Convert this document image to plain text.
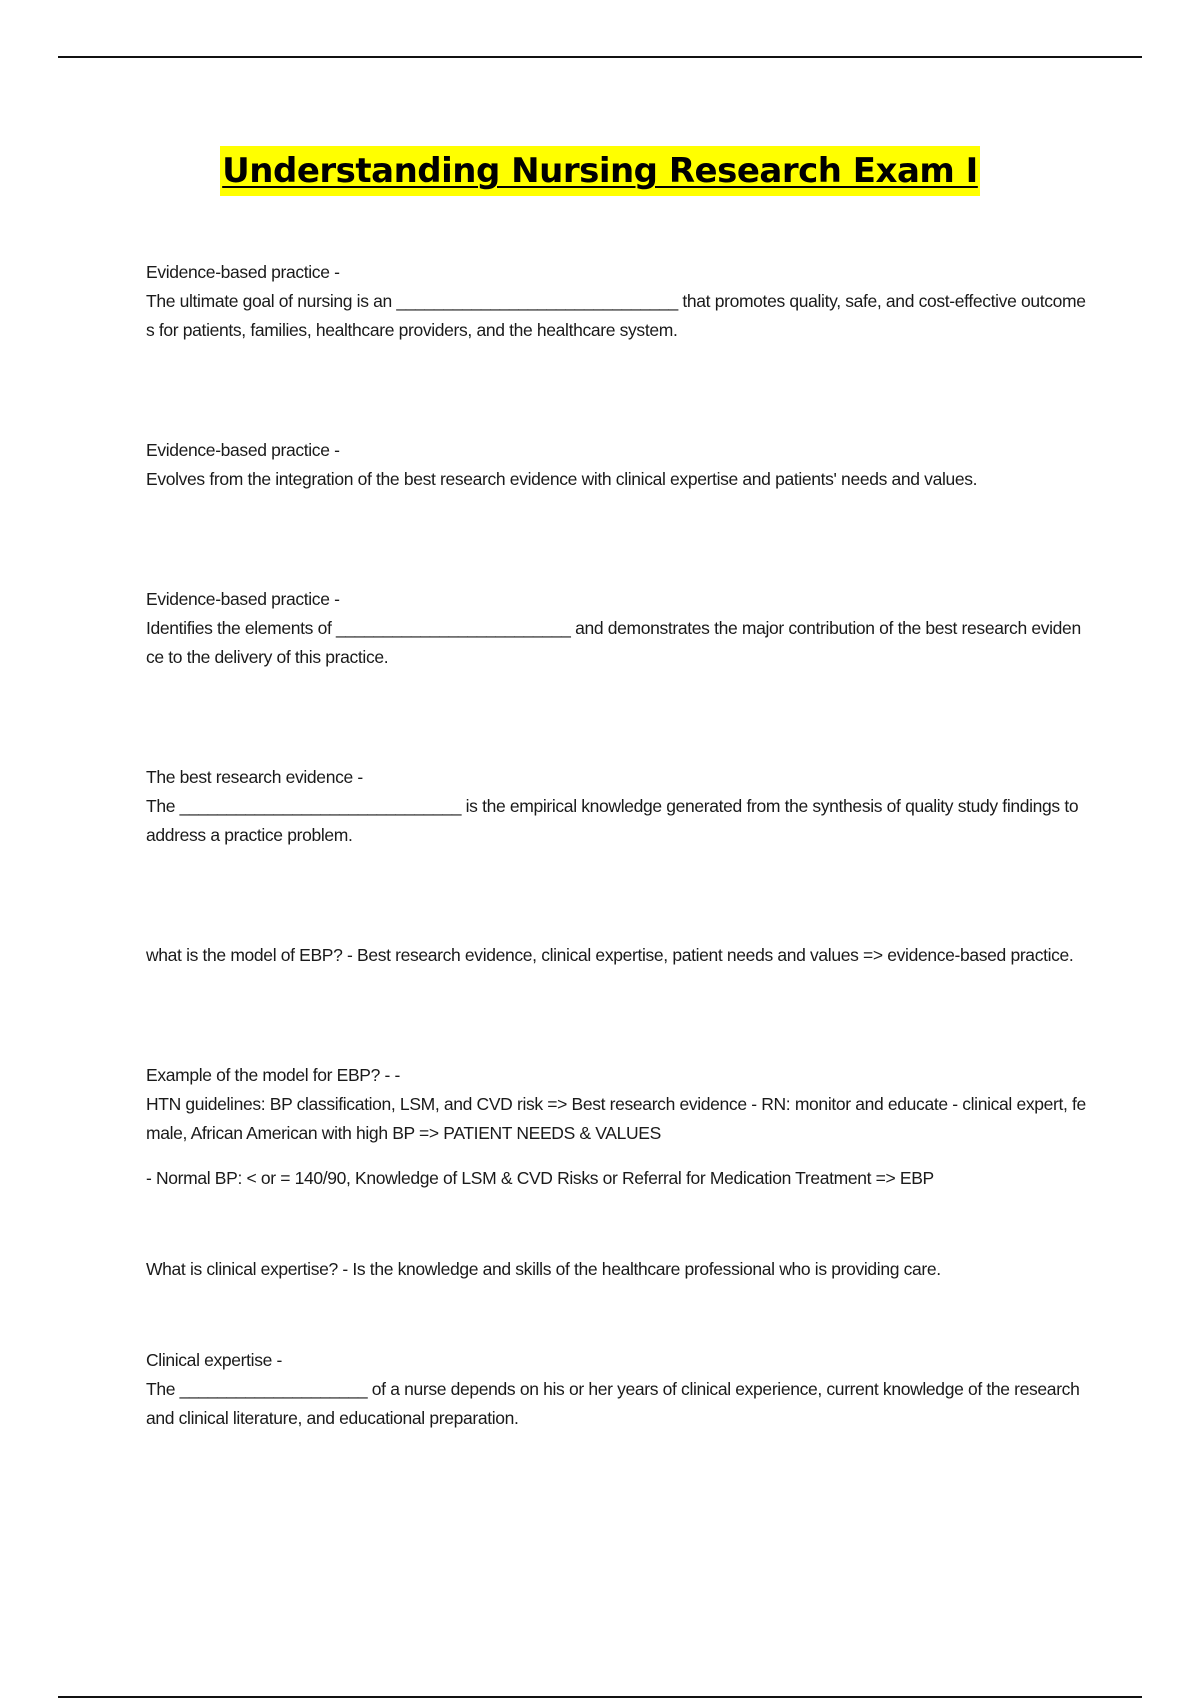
Understanding Nursing Research Exam I
Evidence-based practice -
The ultimate goal of nursing is an ______________________________ that promotes quality, safe, and cost-effective outcomes for patients, families, healthcare providers, and the healthcare system.
Evidence-based practice -
Evolves from the integration of the best research evidence with clinical expertise and patients' needs and values.
Evidence-based practice -
Identifies the elements of _________________________ and demonstrates the major contribution of the best research evidence to the delivery of this practice.
The best research evidence -
The ______________________________ is the empirical knowledge generated from the synthesis of quality study findings to address a practice problem.
what is the model of EBP? - Best research evidence, clinical expertise, patient needs and values => evidence-based practice.
Example of the model for EBP? - -
HTN guidelines: BP classification, LSM, and CVD risk => Best research evidence - RN: monitor and educate - clinical expert, female, African American with high BP => PATIENT NEEDS & VALUES
- Normal BP: < or = 140/90, Knowledge of LSM & CVD Risks or Referral for Medication Treatment => EBP
What is clinical expertise? - Is the knowledge and skills of the healthcare professional who is providing care.
Clinical expertise -
The ____________________ of a nurse depends on his or her years of clinical experience, current knowledge of the research and clinical literature, and educational preparation.
